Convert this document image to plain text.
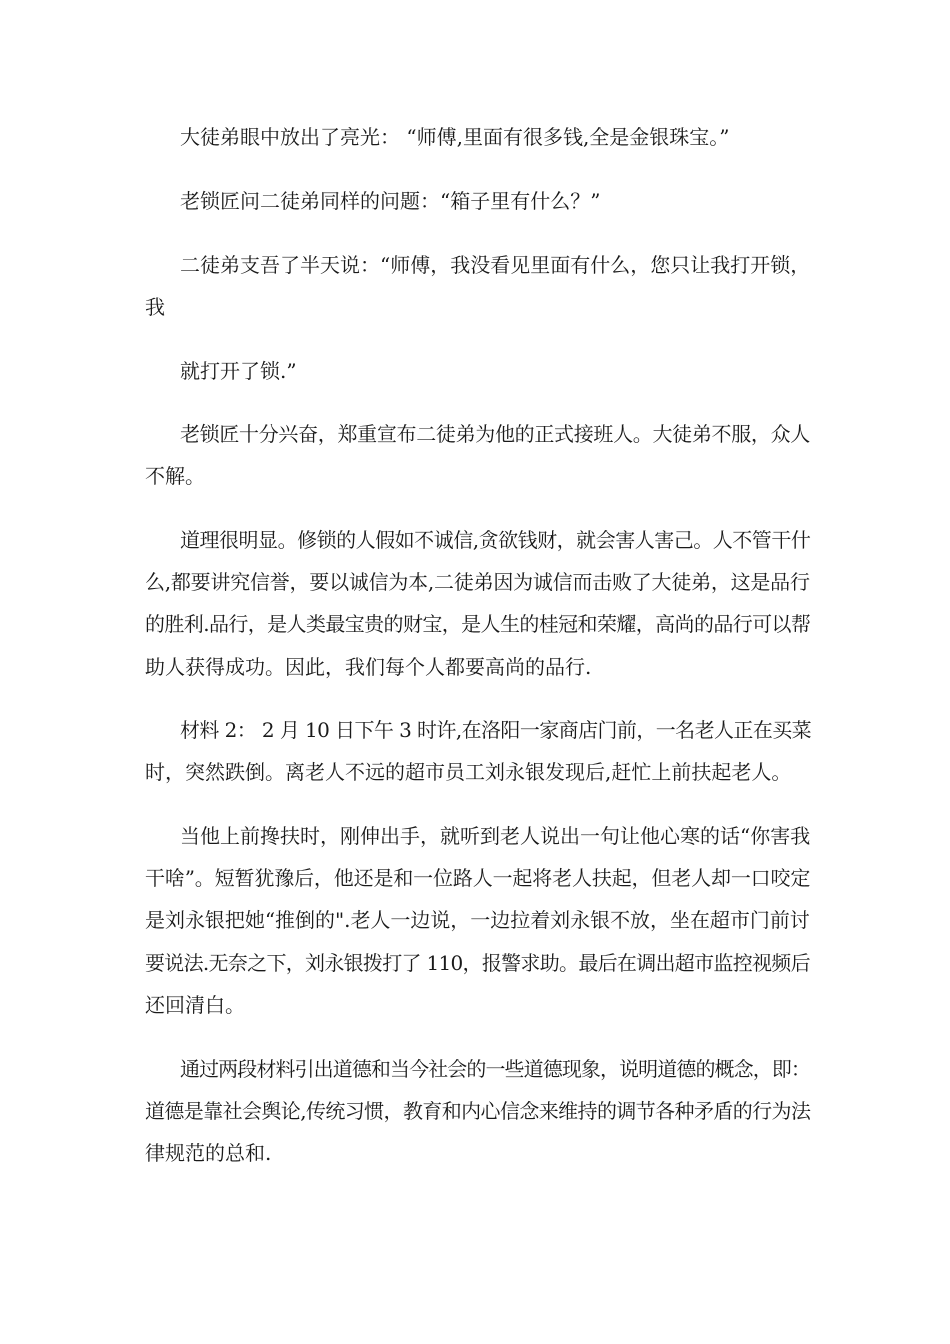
大徒弟眼中放出了亮光： “师傅,里面有很多钱,全是金银珠宝。”

老锁匠问二徒弟同样的问题：“箱子里有什么？”

二徒弟支吾了半天说：“师傅，我没看见里面有什么，您只让我打开锁，

我

就打开了锁.”

老锁匠十分兴奋，郑重宣布二徒弟为他的正式接班人。大徒弟不服，众人

不解。

道理很明显。修锁的人假如不诚信,贪欲钱财，就会害人害己。人不管干什

么,都要讲究信誉，要以诚信为本,二徒弟因为诚信而击败了大徒弟，这是品行

的胜利.品行，是人类最宝贵的财宝，是人生的桂冠和荣耀，高尚的品行可以帮

助人获得成功。因此，我们每个人都要高尚的品行.

材料 2： 2 月 10 日下午 3 时许,在洛阳一家商店门前，一名老人正在买菜

时，突然跌倒。离老人不远的超市员工刘永银发现后,赶忙上前扶起老人。

当他上前搀扶时，刚伸出手，就听到老人说出一句让他心寒的话“你害我

干啥”。短暂犹豫后，他还是和一位路人一起将老人扶起，但老人却一口咬定

是刘永银把她“推倒的".老人一边说，一边拉着刘永银不放，坐在超市门前讨

要说法.无奈之下，刘永银拨打了 110，报警求助。最后在调出超市监控视频后

还回清白。

通过两段材料引出道德和当今社会的一些道德现象，说明道德的概念，即：

道德是靠社会舆论,传统习惯，教育和内心信念来维持的调节各种矛盾的行为法

律规范的总和.
